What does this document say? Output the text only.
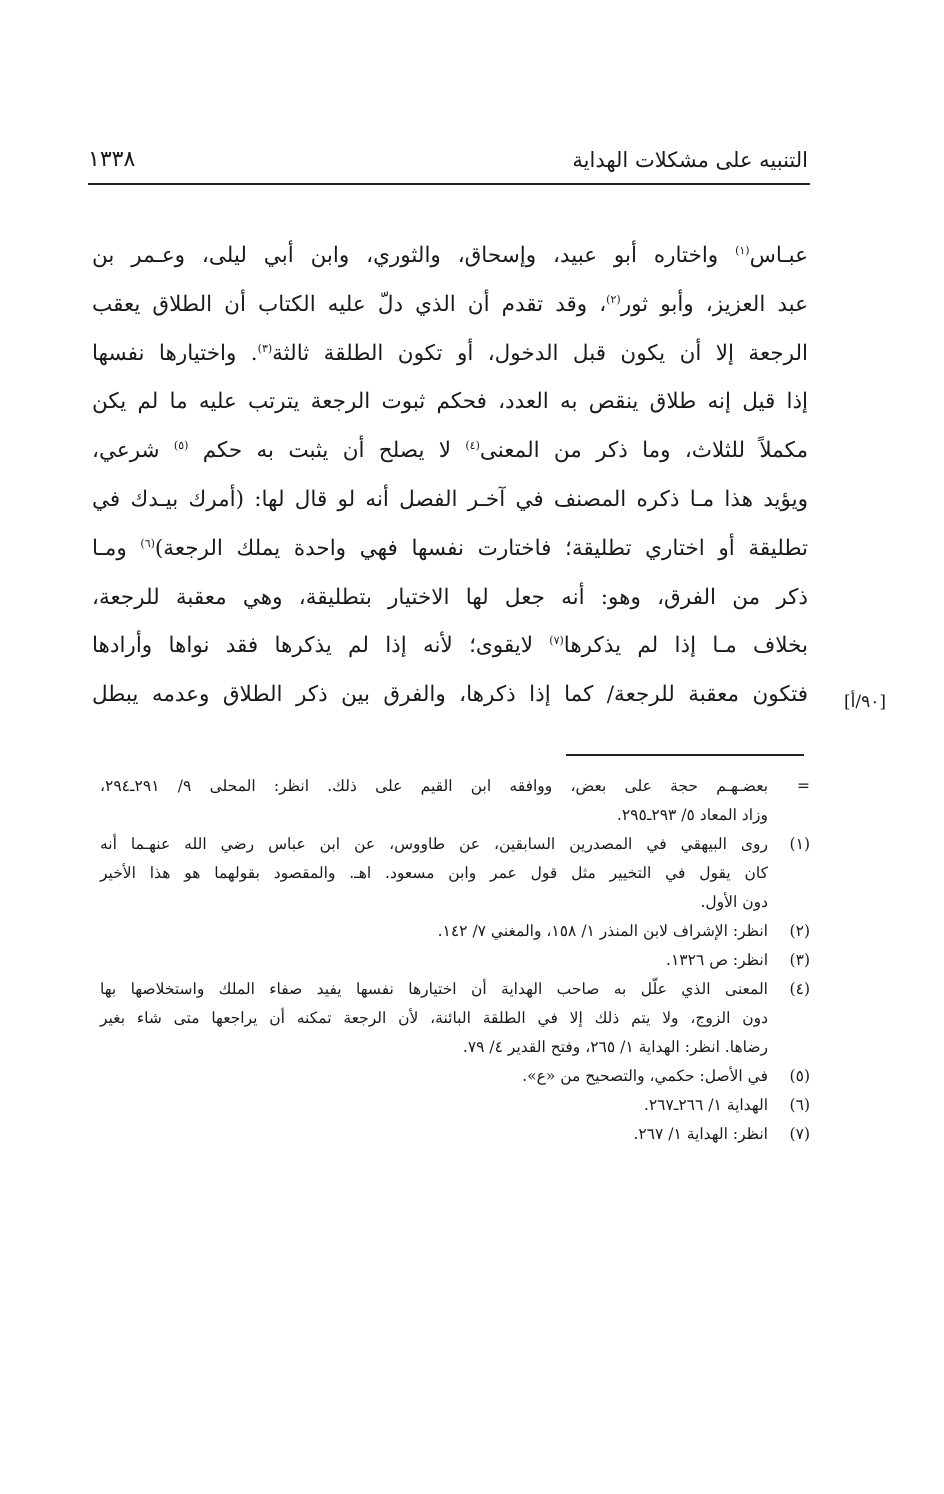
التنبيه على مشكلات الهداية
١٣٣٨
عبـاس$^{(١)}$ واختاره أبو عبيد، وإسحاق، والثوري، وابن أبي ليلى، وعـمر بن
عبد العزيز، وأبو ثور$^{(٢)}$، وقد تقدم أن الذي دلّ عليه الكتاب أن الطلاق يعقب
الرجعة إلا أن يكون قبل الدخول، أو تكون الطلقة ثالثة$^{(٣)}$. واختيارها نفسها
إذا قيل إنه طلاق ينقص به العدد، فحكم ثبوت الرجعة يترتب عليه ما لم يكن
مكملاً للثلاث، وما ذكر من المعنى$^{(٤)}$ لا يصلح أن يثبت به حكم $^{(٥)}$ شرعي،
ويؤيد هذا مـا ذكره المصنف في آخـر الفصل أنه لو قال لها: (أمرك بيـدك في
تطليقة أو اختاري تطليقة؛ فاختارت نفسها فهي واحدة يملك الرجعة)$^{(٦)}$ ومـا
ذكر من الفرق، وهو: أنه جعل لها الاختيار بتطليقة، وهي معقبة للرجعة،
بخلاف مـا إذا لم يذكرها$^{(٧)}$ لايقوى؛ لأنه إذا لم يذكرها فقد نواها وأرادها
فتكون معقبة للرجعة/ كما إذا ذكرها، والفرق بين ذكر الطلاق وعدمه يبطل [٩٠/أ]
=
بعضـهـم حجة على بعض، ووافقه ابن القيم على ذلك. انظر: المحلى ٩/ ٢٩١ـ٢٩٤،
وزاد المعاد ٥/ ٢٩٣ـ٢٩٥.
(١)
روى البيهقي في المصدرين السابقين، عن طاووس، عن ابن عباس رضي الله عنهـما أنه
كان يقول في التخيير مثل قول عمر وابن مسعود. اهـ. والمقصود بقولهما هو هذا الأخير
دون الأول.
(٢)
انظر: الإشراف لابن المنذر ١/ ١٥٨، والمغني ٧/ ١٤٢.
(٣)
انظر: ص ١٣٢٦.
(٤)
المعنى الذي علّل به صاحب الهداية أن اختيارها نفسها يفيد صفاء الملك واستخلاصها بها
دون الزوج، ولا يتم ذلك إلا في الطلقة البائنة، لأن الرجعة تمكنه أن يراجعها متى شاء بغير
رضاها. انظر: الهداية ١/ ٢٦٥، وفتح القدير ٤/ ٧٩.
(٥)
في الأصل: حكمي، والتصحيح من «ع».
(٦)
الهداية ١/ ٢٦٦ـ٢٦٧.
(٧)
انظر: الهداية ١/ ٢٦٧.
